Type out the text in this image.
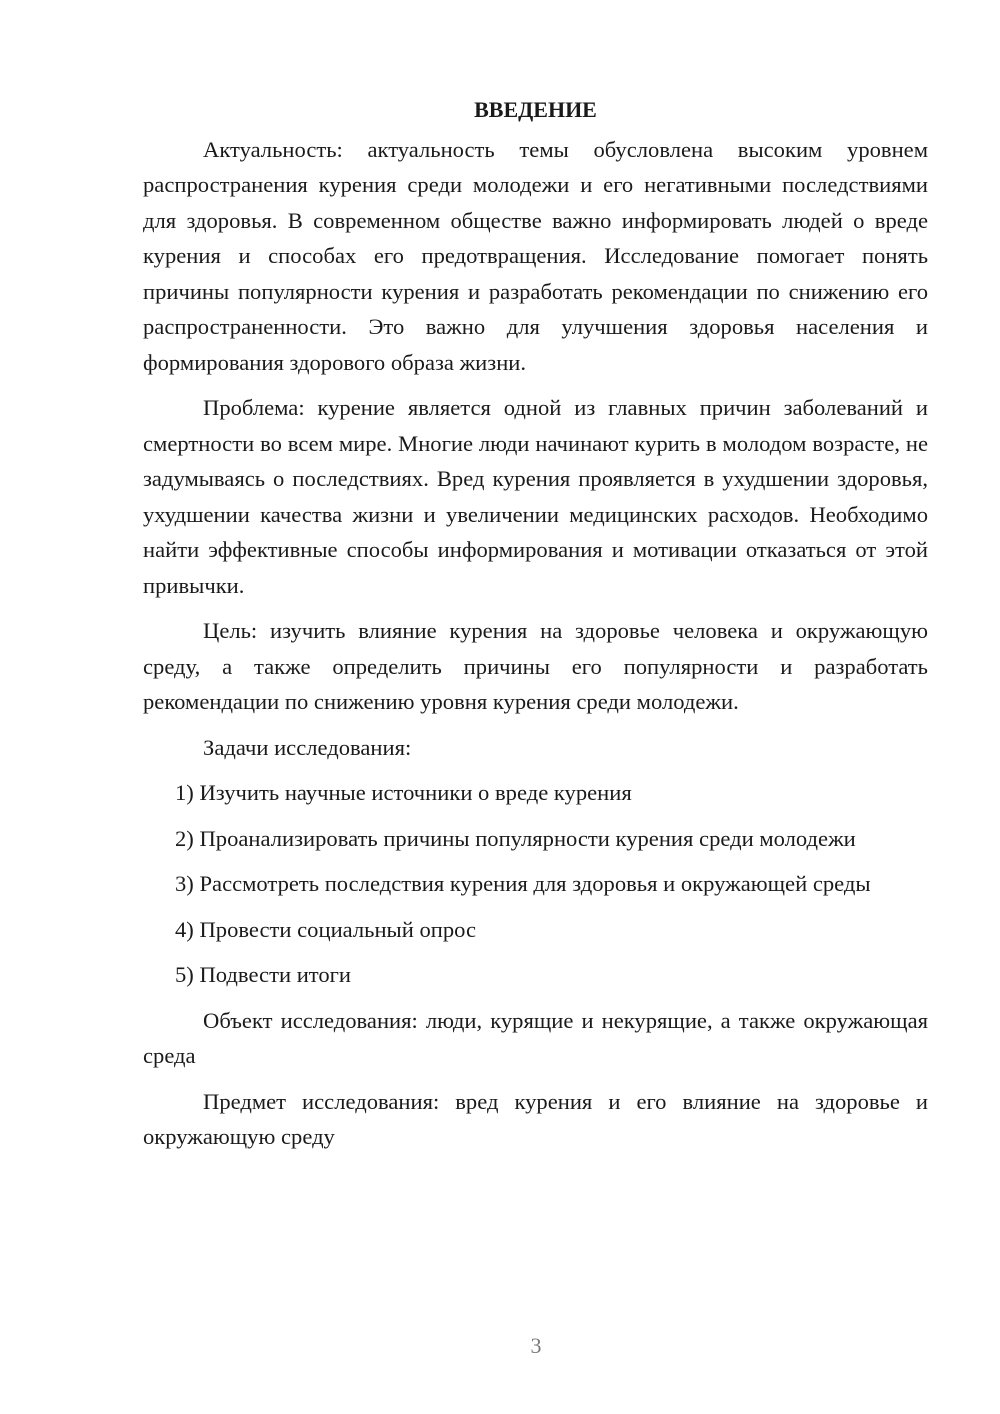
ВВЕДЕНИЕ

Актуальность: актуальность темы обусловлена высоким уровнем распространения курения среди молодежи и его негативными последствиями для здоровья. В современном обществе важно информировать людей о вреде курения и способах его предотвращения. Исследование помогает понять причины популярности курения и разработать рекомендации по снижению его распространенности. Это важно для улучшения здоровья населения и формирования здорового образа жизни.

Проблема: курение является одной из главных причин заболеваний и смертности во всем мире. Многие люди начинают курить в молодом возрасте, не задумываясь о последствиях. Вред курения проявляется в ухудшении здоровья, ухудшении качества жизни и увеличении медицинских расходов. Необходимо найти эффективные способы информирования и мотивации отказаться от этой привычки.

Цель: изучить влияние курения на здоровье человека и окружающую среду, а также определить причины его популярности и разработать рекомендации по снижению уровня курения среди молодежи.

Задачи исследования:

1) Изучить научные источники о вреде курения

2) Проанализировать причины популярности курения среди молодежи

3) Рассмотреть последствия курения для здоровья и окружающей среды

4) Провести социальный опрос

5) Подвести итоги

Объект исследования: люди, курящие и некурящие, а также окружающая среда

Предмет исследования: вред курения и его влияние на здоровье и окружающую среду

3
